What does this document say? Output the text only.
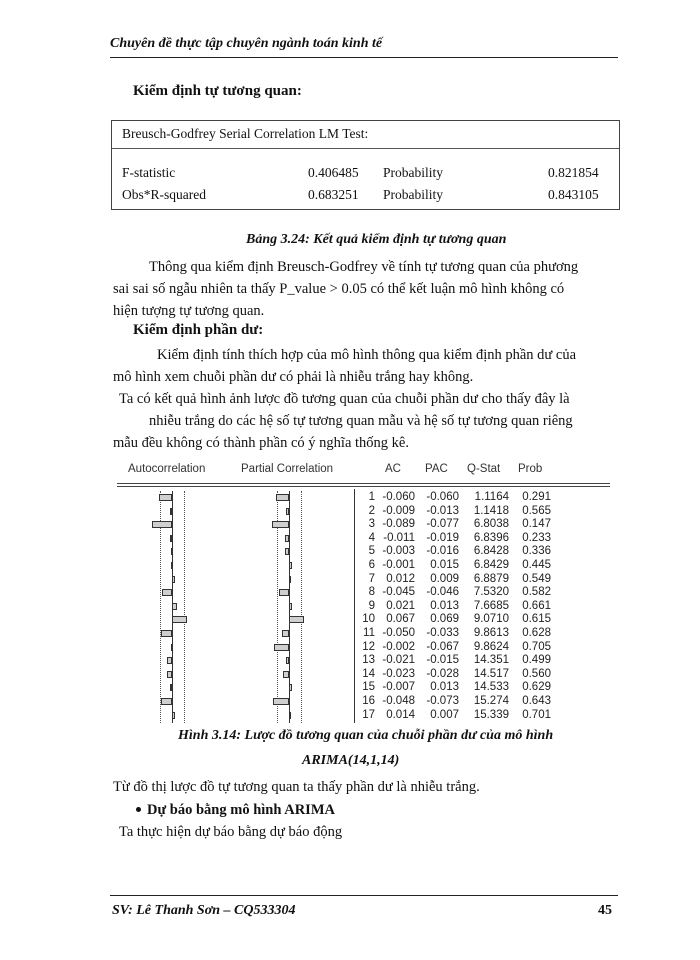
Chuyên đề thực tập chuyên ngành toán kinh tế
Kiểm định tự tương quan:
Breusch-Godfrey Serial Correlation LM Test:
F-statistic	0.406485 Probability	0.821854
Obs*R-squared	0.683251 Probability	0.843105
Bảng 3.24: Kết quả kiểm định tự tương quan
Thông qua kiểm định Breusch-Godfrey về tính tự tương quan của phương
sai sai số ngẫu nhiên ta thấy P_value > 0.05 có thể kết luận mô hình không có
hiện tượng tự tương quan.
Kiểm định phần dư:
Kiểm định tính thích hợp của mô hình thông qua kiểm định phần dư của
mô hình xem chuỗi phần dư có phải là nhiễu trắng hay không.
Ta có kết quả hình ảnh lược đồ tương quan của chuỗi phần dư cho thấy đây là
nhiễu trắng do các hệ số tự tương quan mẫu và hệ số tự tương quan riêng
mẫu đều không có thành phần có ý nghĩa thống kê.
Autocorrelation	Partial Correlation	AC PAC Q-Stat Prob
1 -0.060 -0.060	1.1164	0.291
2 -0.009 -0.013	1.1418	0.565
3 -0.089 -0.077	6.8038	0.147
4 -0.011 -0.019	6.8396	0.233
5 -0.003 -0.016	6.8428	0.336
6 -0.001	0.015	6.8429	0.445
7 0.012	0.009	6.8879	0.549
8 -0.045 -0.046	7.5320	0.582
9 0.021	0.013	7.6685	0.661
10 0.067	0.069	9.0710	0.615
11 -0.050 -0.033	9.8613	0.628
12 -0.002 -0.067	9.8624	0.705
13 -0.021 -0.015	14.351	0.499
14 -0.023 -0.028	14.517	0.560
15 -0.007	0.013	14.533	0.629
16 -0.048 -0.073	15.274	0.643
17 0.014	0.007	15.339	0.701
Hình 3.14: Lược đồ tương quan của chuỗi phần dư của mô hình
ARIMA(14,1,14)
Từ đồ thị lược đồ tự tương quan ta thấy phần dư là nhiễu trắng.
Dự báo bằng mô hình ARIMA
Ta thực hiện dự báo bằng dự báo động
SV: Lê Thanh Sơn – CQ533304	45
